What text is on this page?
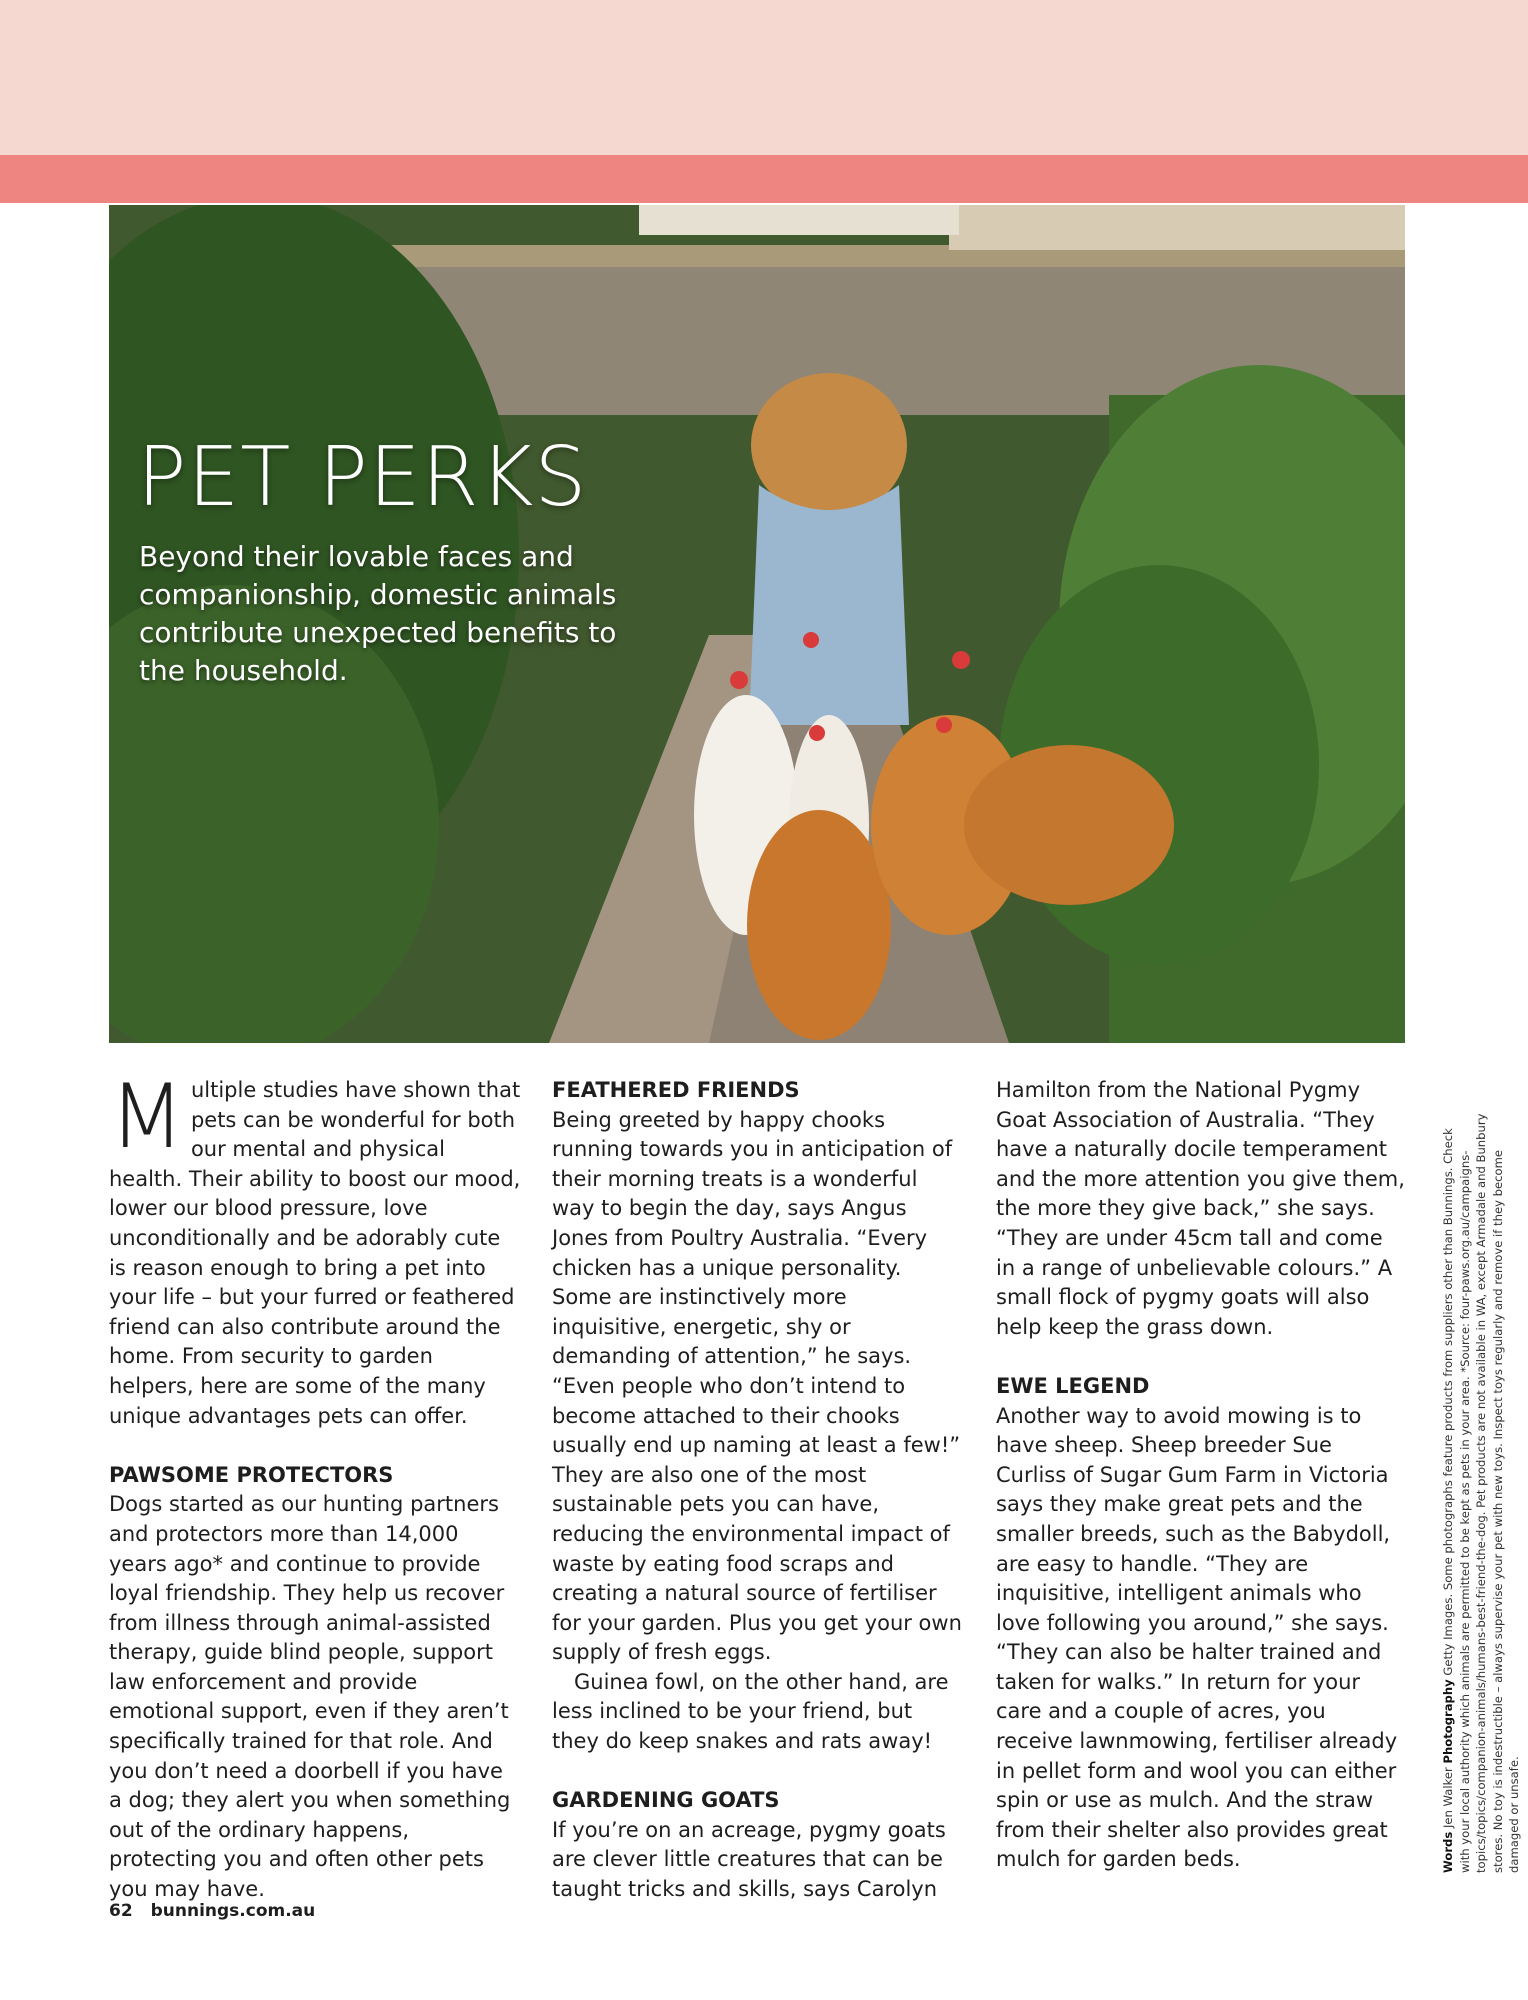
PET PERKS

Beyond their lovable faces and companionship, domestic animals contribute unexpected benefits to the household.

Multiple studies have shown that pets can be wonderful for both our mental and physical health. Their ability to boost our mood, lower our blood pressure, love unconditionally and be adorably cute is reason enough to bring a pet into your life – but your furred or feathered friend can also contribute around the home. From security to garden helpers, here are some of the many unique advantages pets can offer.

PAWSOME PROTECTORS

Dogs started as our hunting partners and protectors more than 14,000 years ago* and continue to provide loyal friendship. They help us recover from illness through animal-assisted therapy, guide blind people, support law enforcement and provide emotional support, even if they aren’t specifically trained for that role. And you don’t need a doorbell if you have a dog; they alert you when something out of the ordinary happens, protecting you and often other pets you may have.

FEATHERED FRIENDS

Being greeted by happy chooks running towards you in anticipation of their morning treats is a wonderful way to begin the day, says Angus Jones from Poultry Australia. “Every chicken has a unique personality. Some are instinctively more inquisitive, energetic, shy or demanding of attention,” he says. “Even people who don’t intend to become attached to their chooks usually end up naming at least a few!” They are also one of the most sustainable pets you can have, reducing the environmental impact of waste by eating food scraps and creating a natural source of fertiliser for your garden. Plus you get your own supply of fresh eggs.

Guinea fowl, on the other hand, are less inclined to be your friend, but they do keep snakes and rats away!

GARDENING GOATS

If you’re on an acreage, pygmy goats are clever little creatures that can be taught tricks and skills, says Carolyn

Hamilton from the National Pygmy Goat Association of Australia. “They have a naturally docile temperament and the more attention you give them, the more they give back,” she says. “They are under 45cm tall and come in a range of unbelievable colours.” A small flock of pygmy goats will also help keep the grass down.

EWE LEGEND

Another way to avoid mowing is to have sheep. Sheep breeder Sue Curliss of Sugar Gum Farm in Victoria says they make great pets and the smaller breeds, such as the Babydoll, are easy to handle. “They are inquisitive, intelligent animals who love following you around,” she says. “They can also be halter trained and taken for walks.” In return for your care and a couple of acres, you receive lawnmowing, fertiliser already in pellet form and wool you can either spin or use as mulch. And the straw from their shelter also provides great mulch for garden beds.	Words Jen Walker Photography Getty Images. Some photographs feature products from suppliers other than Bunnings. Check with your local authority which animals are permitted to be kept as pets in your area. *Source: four-paws.org.au/campaigns-topics/topics/companion-animals/humans-best-friend-the-dog. Pet products are not available in WA, except Armadale and Bunbury stores. No toy is indestructible – always supervise your pet with new toys. Inspect toys regularly and remove if they become damaged or unsafe.
62 bunnings.com.au
